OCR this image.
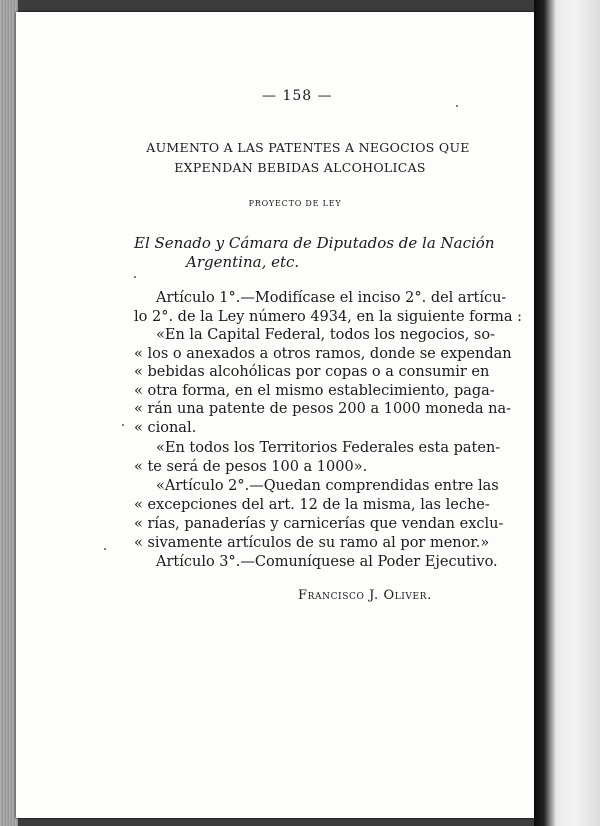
— 158 —
AUMENTO A LAS PATENTES A NEGOCIOS QUE
EXPENDAN BEBIDAS ALCOHOLICAS
PROYECTO DE LEY
El Senado y Cámara de Diputados de la Nación
Argentina, etc.
Artículo 1°.—Modifícase el inciso 2°. del artícu-
lo 2°. de la Ley número 4934, en la siguiente forma :
«En la Capital Federal, todos los negocios, so-
« los o anexados a otros ramos, donde se expendan
« bebidas alcohólicas por copas o a consumir en
« otra forma, en el mismo establecimiento, paga-
« rán una patente de pesos 200 a 1000 moneda na-
« cional.
«En todos los Territorios Federales esta paten-
« te será de pesos 100 a 1000».
«Artículo 2°.—Quedan comprendidas entre las
« excepciones del art. 12 de la misma, las leche-
« rías, panaderías y carnicerías que vendan exclu-
« sivamente artículos de su ramo al por menor.»
Artículo 3°.—Comuníquese al Poder Ejecutivo.
Francisco J. Oliver.
